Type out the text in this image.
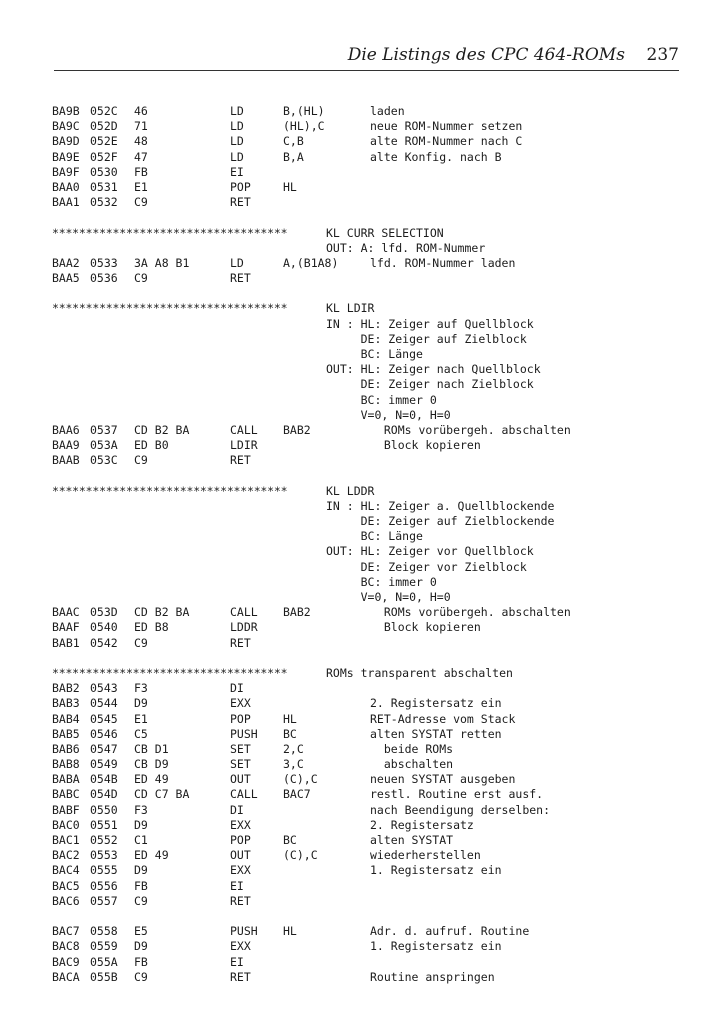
Die Listings des CPC 464-ROMs 237
BA9B 052C 46	LD	B,(HL)	laden
BA9C 052D 71	LD	(HL),C	neue ROM-Nummer setzen
BA9D 052E 48	LD	C,B	alte ROM-Nummer nach C
BA9E 052F 47	LD	B,A	alte Konfig. nach B
BA9F 0530 FB	EI
BAA0 0531 E1	POP	HL
BAA1 0532 C9	RET
***********************************	KL CURR SELECTION
OUT: A: lfd. ROM-Nummer
BAA2 0533 3A A8 B1	LD	A,(B1A8)	lfd. ROM-Nummer laden
BAA5 0536 C9	RET
***********************************	KL LDIR
IN : HL: Zeiger auf Quellblock
DE: Zeiger auf Zielblock
BC: Länge
OUT: HL: Zeiger nach Quellblock
DE: Zeiger nach Zielblock
BC: immer 0
V=0, N=0, H=0
BAA6 0537 CD B2 BA	CALL BAB2	ROMs vorübergeh. abschalten
BAA9 053A ED B0	LDIR	Block kopieren
BAAB 053C C9	RET
***********************************	KL LDDR
IN : HL: Zeiger a. Quellblockende
DE: Zeiger auf Zielblockende
BC: Länge
OUT: HL: Zeiger vor Quellblock
DE: Zeiger vor Zielblock
BC: immer 0
V=0, N=0, H=0
BAAC 053D CD B2 BA	CALL BAB2	ROMs vorübergeh. abschalten
BAAF 0540 ED B8	LDDR	Block kopieren
BAB1 0542 C9	RET
***********************************	ROMs transparent abschalten
BAB2 0543 F3	DI
BAB3 0544 D9	EXX	2. Registersatz ein
BAB4 0545 E1	POP	HL	RET-Adresse vom Stack
BAB5 0546 C5	PUSH BC	alten SYSTAT retten
BAB6 0547 CB D1	SET	2,C	beide ROMs
BAB8 0549 CB D9	SET	3,C	abschalten
BABA 054B ED 49	OUT	(C),C	neuen SYSTAT ausgeben
BABC 054D CD C7 BA	CALL BAC7	restl. Routine erst ausf.
BABF 0550 F3	DI	nach Beendigung derselben:
BAC0 0551 D9	EXX	2. Registersatz
BAC1 0552 C1	POP	BC	alten SYSTAT
BAC2 0553 ED 49	OUT	(C),C	wiederherstellen
BAC4 0555 D9	EXX	1. Registersatz ein
BAC5 0556 FB	EI
BAC6 0557 C9	RET
BAC7 0558 E5	PUSH HL	Adr. d. aufruf. Routine
BAC8 0559 D9	EXX	1. Registersatz ein
BAC9 055A FB	EI
BACA 055B C9	RET	Routine anspringen
